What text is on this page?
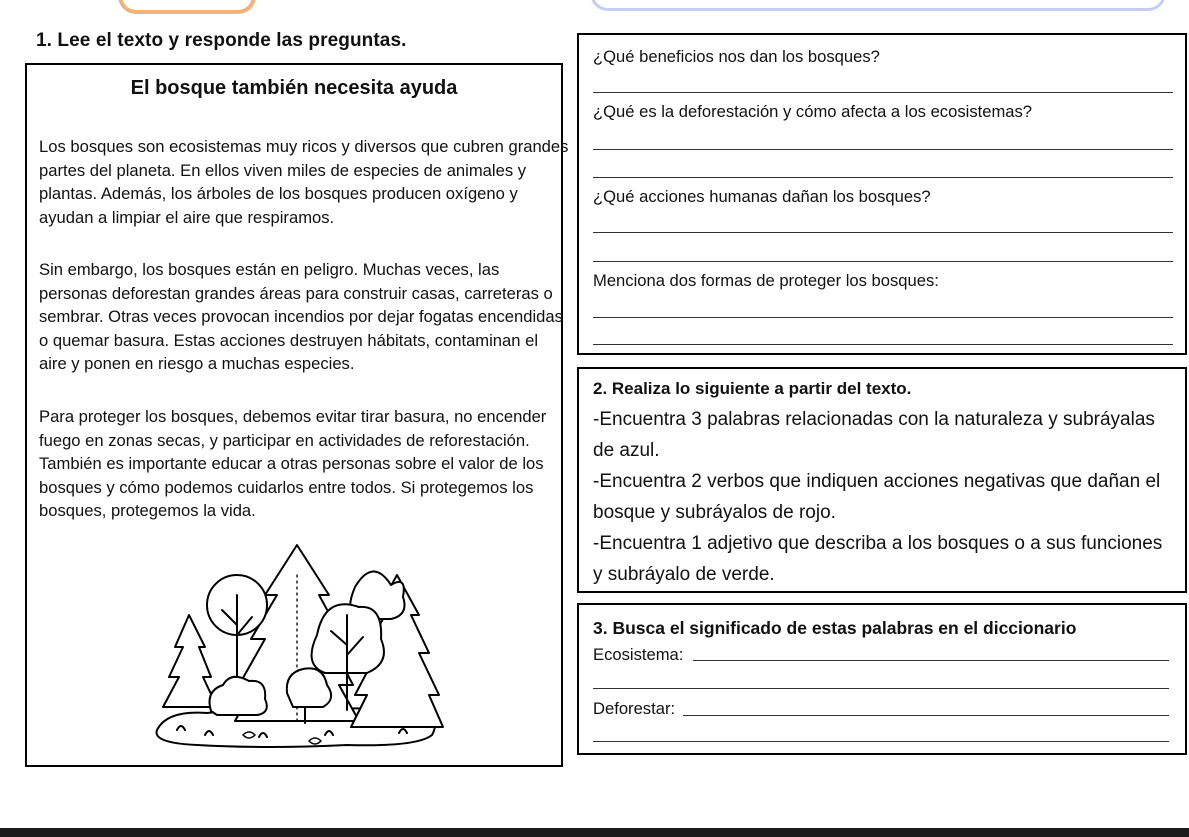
1. Lee el texto y responde las preguntas.
El bosque también necesita ayuda

Los bosques son ecosistemas muy ricos y diversos que cubren grandes partes del planeta. En ellos viven miles de especies de animales y plantas. Además, los árboles de los bosques producen oxígeno y ayudan a limpiar el aire que respiramos.

Sin embargo, los bosques están en peligro. Muchas veces, las personas deforestan grandes áreas para construir casas, carreteras o sembrar. Otras veces provocan incendios por dejar fogatas encendidas o quemar basura. Estas acciones destruyen hábitats, contaminan el aire y ponen en riesgo a muchas especies.

Para proteger los bosques, debemos evitar tirar basura, no encender fuego en zonas secas, y participar en actividades de reforestación. También es importante educar a otras personas sobre el valor de los bosques y cómo podemos cuidarlos entre todos. Si protegemos los bosques, protegemos la vida.

¿Qué beneficios nos dan los bosques?
¿Qué es la deforestación y cómo afecta a los ecosistemas?
¿Qué acciones humanas dañan los bosques?
Menciona dos formas de proteger los bosques:
2. Realiza lo siguiente a partir del texto.

-Encuentra 3 palabras relacionadas con la naturaleza y subráyalas de azul.

-Encuentra 2 verbos que indiquen acciones negativas que dañan el bosque y subráyalos de rojo.

-Encuentra 1 adjetivo que describa a los bosques o a sus funciones y subráyalo de verde.

3. Busca el significado de estas palabras en el diccionario
Ecosistema:
Deforestar:
